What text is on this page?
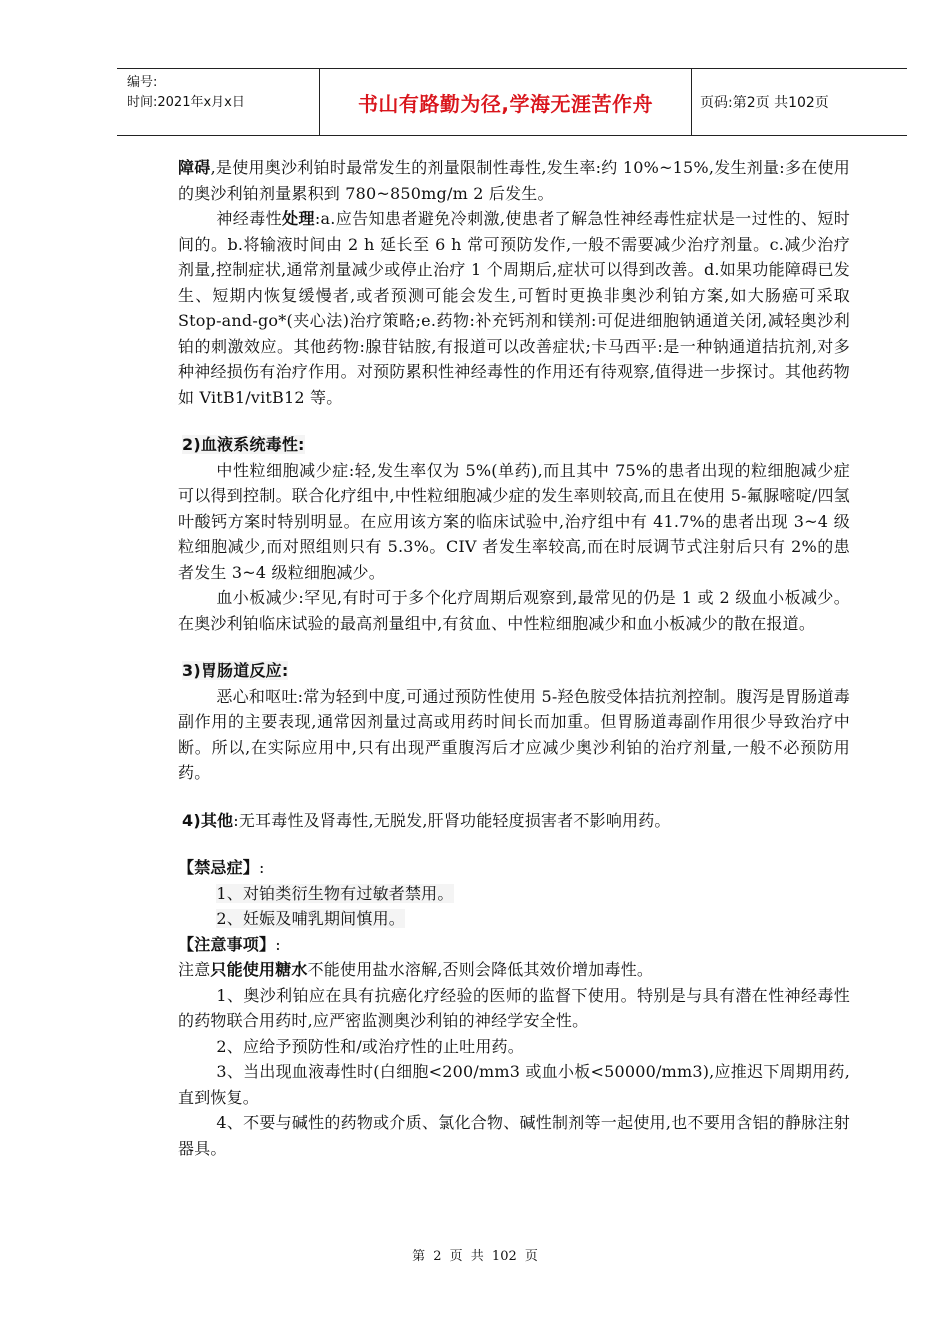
编号:
时间:2021年x月x日	书山有路勤为径,学海无涯苦作舟	页码:第2页 共102页

障碍,是使用奥沙利铂时最常发生的剂量限制性毒性,发生率:约 10%~15%,发生剂量:多在使用的奥沙利铂剂量累积到 780~850mg/m 2 后发生。

神经毒性处理:a.应告知患者避免冷刺激,使患者了解急性神经毒性症状是一过性的、短时间的。b.将输液时间由 2 h 延长至 6 h 常可预防发作,一般不需要减少治疗剂量。c.减少治疗剂量,控制症状,通常剂量减少或停止治疗 1 个周期后,症状可以得到改善。d.如果功能障碍已发生、短期内恢复缓慢者,或者预测可能会发生,可暂时更换非奥沙利铂方案,如大肠癌可采取 Stop-and-go*(夹心法)治疗策略;e.药物:补充钙剂和镁剂:可促进细胞钠通道关闭,减轻奥沙利铂的刺激效应。其他药物:腺苷钴胺,有报道可以改善症状;卡马西平:是一种钠通道拮抗剂,对多种神经损伤有治疗作用。对预防累积性神经毒性的作用还有待观察,值得进一步探讨。其他药物如 VitB1/vitB12 等。

2)血液系统毒性:

中性粒细胞减少症:轻,发生率仅为 5%(单药),而且其中 75%的患者出现的粒细胞减少症可以得到控制。联合化疗组中,中性粒细胞减少症的发生率则较高,而且在使用 5-氟脲嘧啶/四氢叶酸钙方案时特别明显。在应用该方案的临床试验中,治疗组中有 41.7%的患者出现 3~4 级粒细胞减少,而对照组则只有 5.3%。CIV 者发生率较高,而在时辰调节式注射后只有 2%的患者发生 3~4 级粒细胞减少。

血小板减少:罕见,有时可于多个化疗周期后观察到,最常见的仍是 1 或 2 级血小板减少。在奥沙利铂临床试验的最高剂量组中,有贫血、中性粒细胞减少和血小板减少的散在报道。

3)胃肠道反应:

恶心和呕吐:常为轻到中度,可通过预防性使用 5-羟色胺受体拮抗剂控制。腹泻是胃肠道毒副作用的主要表现,通常因剂量过高或用药时间长而加重。但胃肠道毒副作用很少导致治疗中断。所以,在实际应用中,只有出现严重腹泻后才应减少奥沙利铂的治疗剂量,一般不必预防用药。

4)其他:无耳毒性及肾毒性,无脱发,肝肾功能轻度损害者不影响用药。

【禁忌症】:

1、对铂类衍生物有过敏者禁用。

2、妊娠及哺乳期间慎用。

【注意事项】:

注意只能使用糖水不能使用盐水溶解,否则会降低其效价增加毒性。

1、奥沙利铂应在具有抗癌化疗经验的医师的监督下使用。特别是与具有潜在性神经毒性的药物联合用药时,应严密监测奥沙利铂的神经学安全性。

2、应给予预防性和/或治疗性的止吐用药。

3、当出现血液毒性时(白细胞<200/mm3 或血小板<50000/mm3),应推迟下周期用药,直到恢复。

4、不要与碱性的药物或介质、氯化合物、碱性制剂等一起使用,也不要用含铝的静脉注射器具。

第 2 页 共 102 页
